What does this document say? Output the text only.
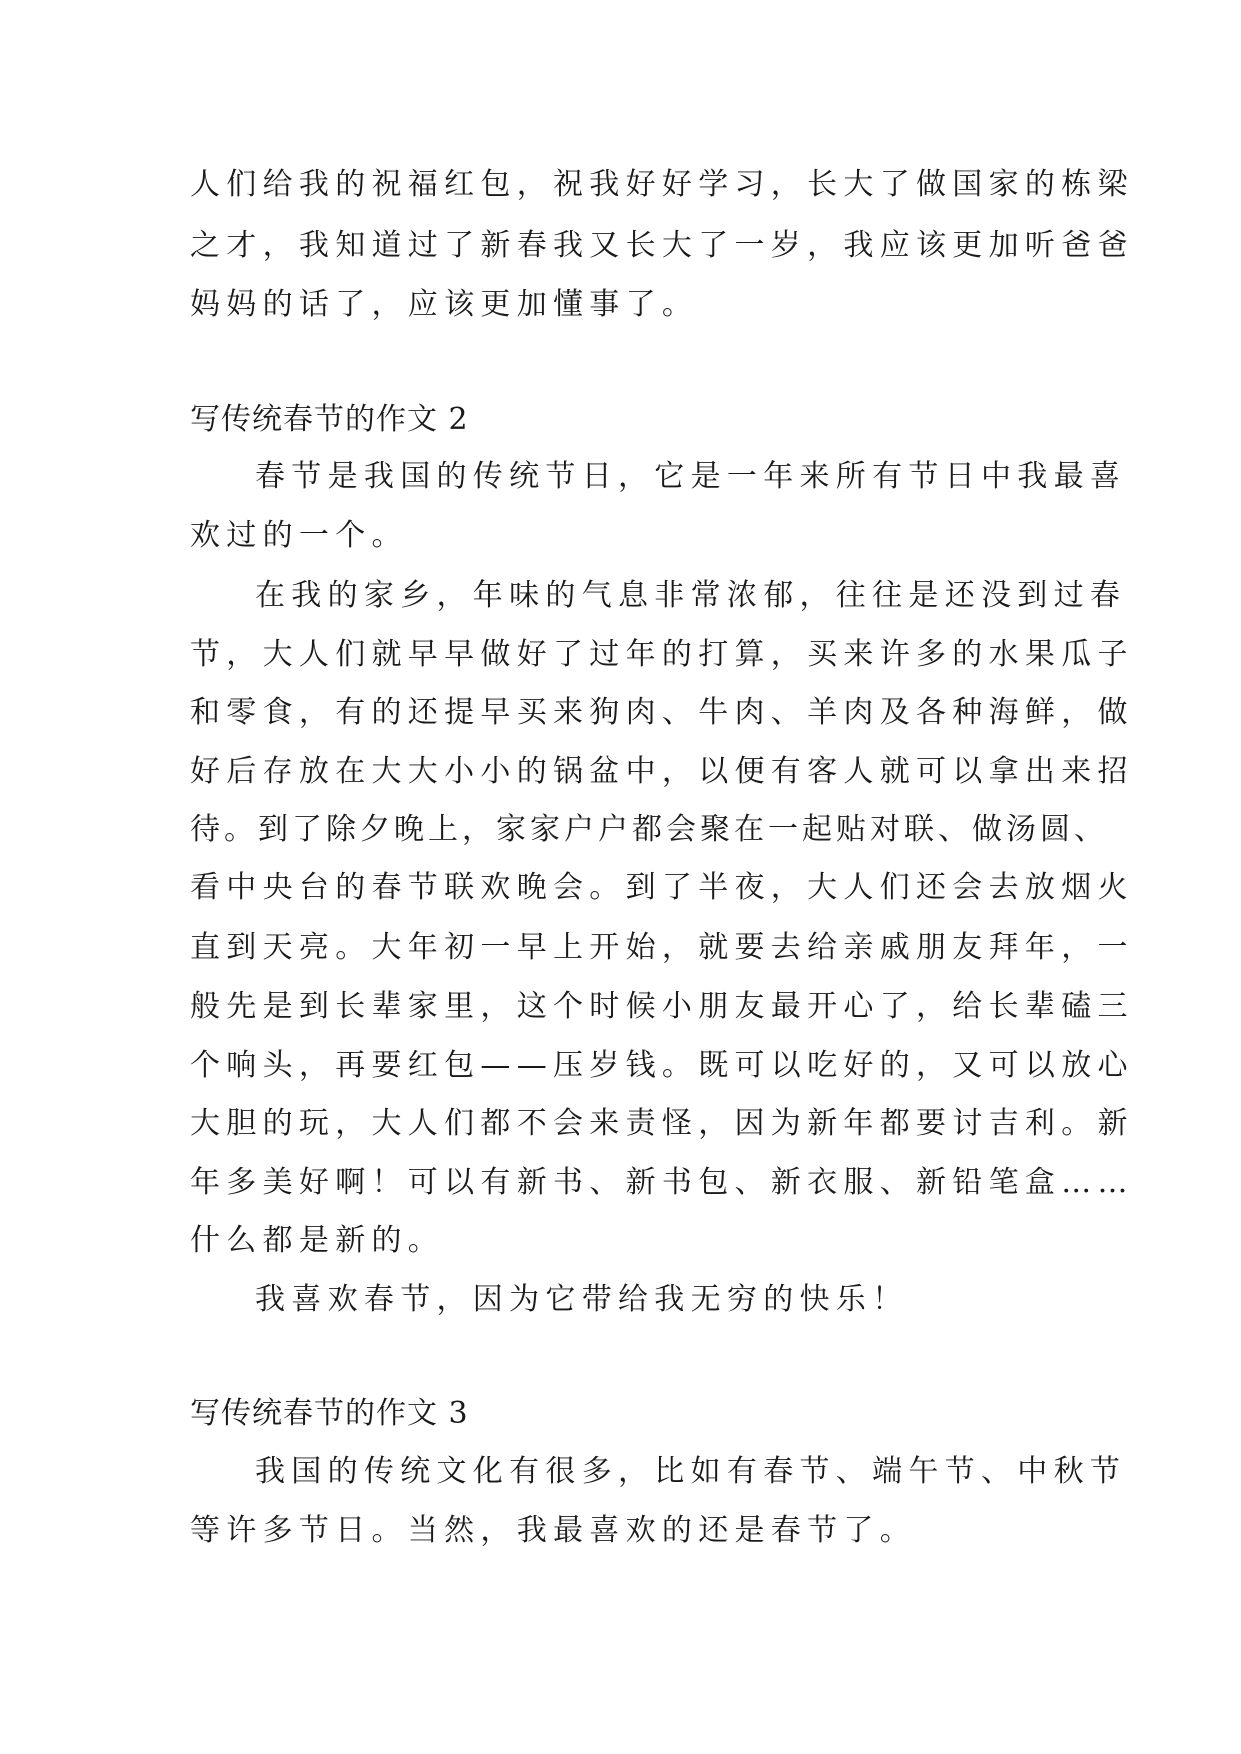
人们给我的祝福红包，祝我好好学习，长大了做国家的栋梁
之才，我知道过了新春我又长大了一岁，我应该更加听爸爸
妈妈的话了，应该更加懂事了。
写传统春节的作文 2
春节是我国的传统节日，它是一年来所有节日中我最喜
欢过的一个。
在我的家乡，年味的气息非常浓郁，往往是还没到过春
节，大人们就早早做好了过年的打算，买来许多的水果瓜子
和零食，有的还提早买来狗肉、牛肉、羊肉及各种海鲜，做
好后存放在大大小小的锅盆中，以便有客人就可以拿出来招
待。到了除夕晚上，家家户户都会聚在一起贴对联、做汤圆、
看中央台的春节联欢晚会。到了半夜，大人们还会去放烟火
直到天亮。大年初一早上开始，就要去给亲戚朋友拜年，一
般先是到长辈家里，这个时候小朋友最开心了，给长辈磕三
个响头，再要红包——压岁钱。既可以吃好的，又可以放心
大胆的玩，大人们都不会来责怪，因为新年都要讨吉利。新
年多美好啊！可以有新书、新书包、新衣服、新铅笔盒……
什么都是新的。
我喜欢春节，因为它带给我无穷的快乐！
写传统春节的作文 3
我国的传统文化有很多，比如有春节、端午节、中秋节
等许多节日。当然，我最喜欢的还是春节了。
